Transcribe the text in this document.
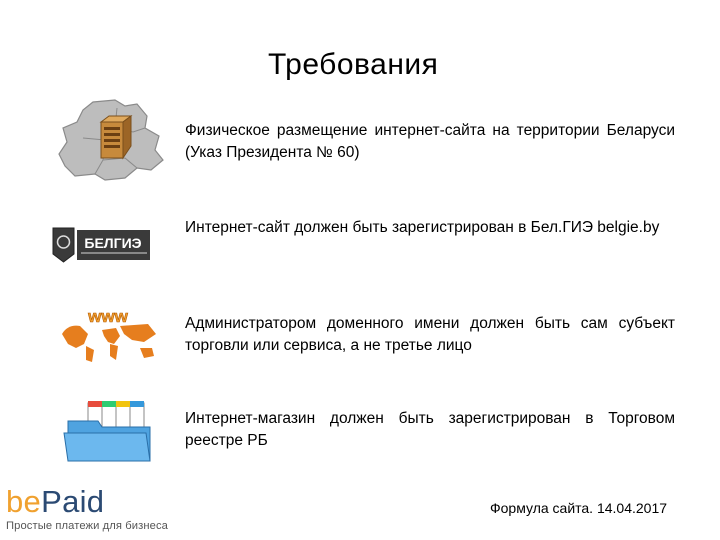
Требования
Физическое размещение интернет-сайта на территории Беларуси (Указ Президента № 60)
БЕЛГИЭ
Интернет-сайт должен быть зарегистрирован в Бел.ГИЭ belgie.by
www	Администратором доменного имени должен быть сам субъект торговли или сервиса, а не третье лицо
Интернет-магазин должен быть зарегистрирован в Торговом реестре РБ
Формула сайта. 14.04.2017
bePaid
Простые платежи для бизнеса
